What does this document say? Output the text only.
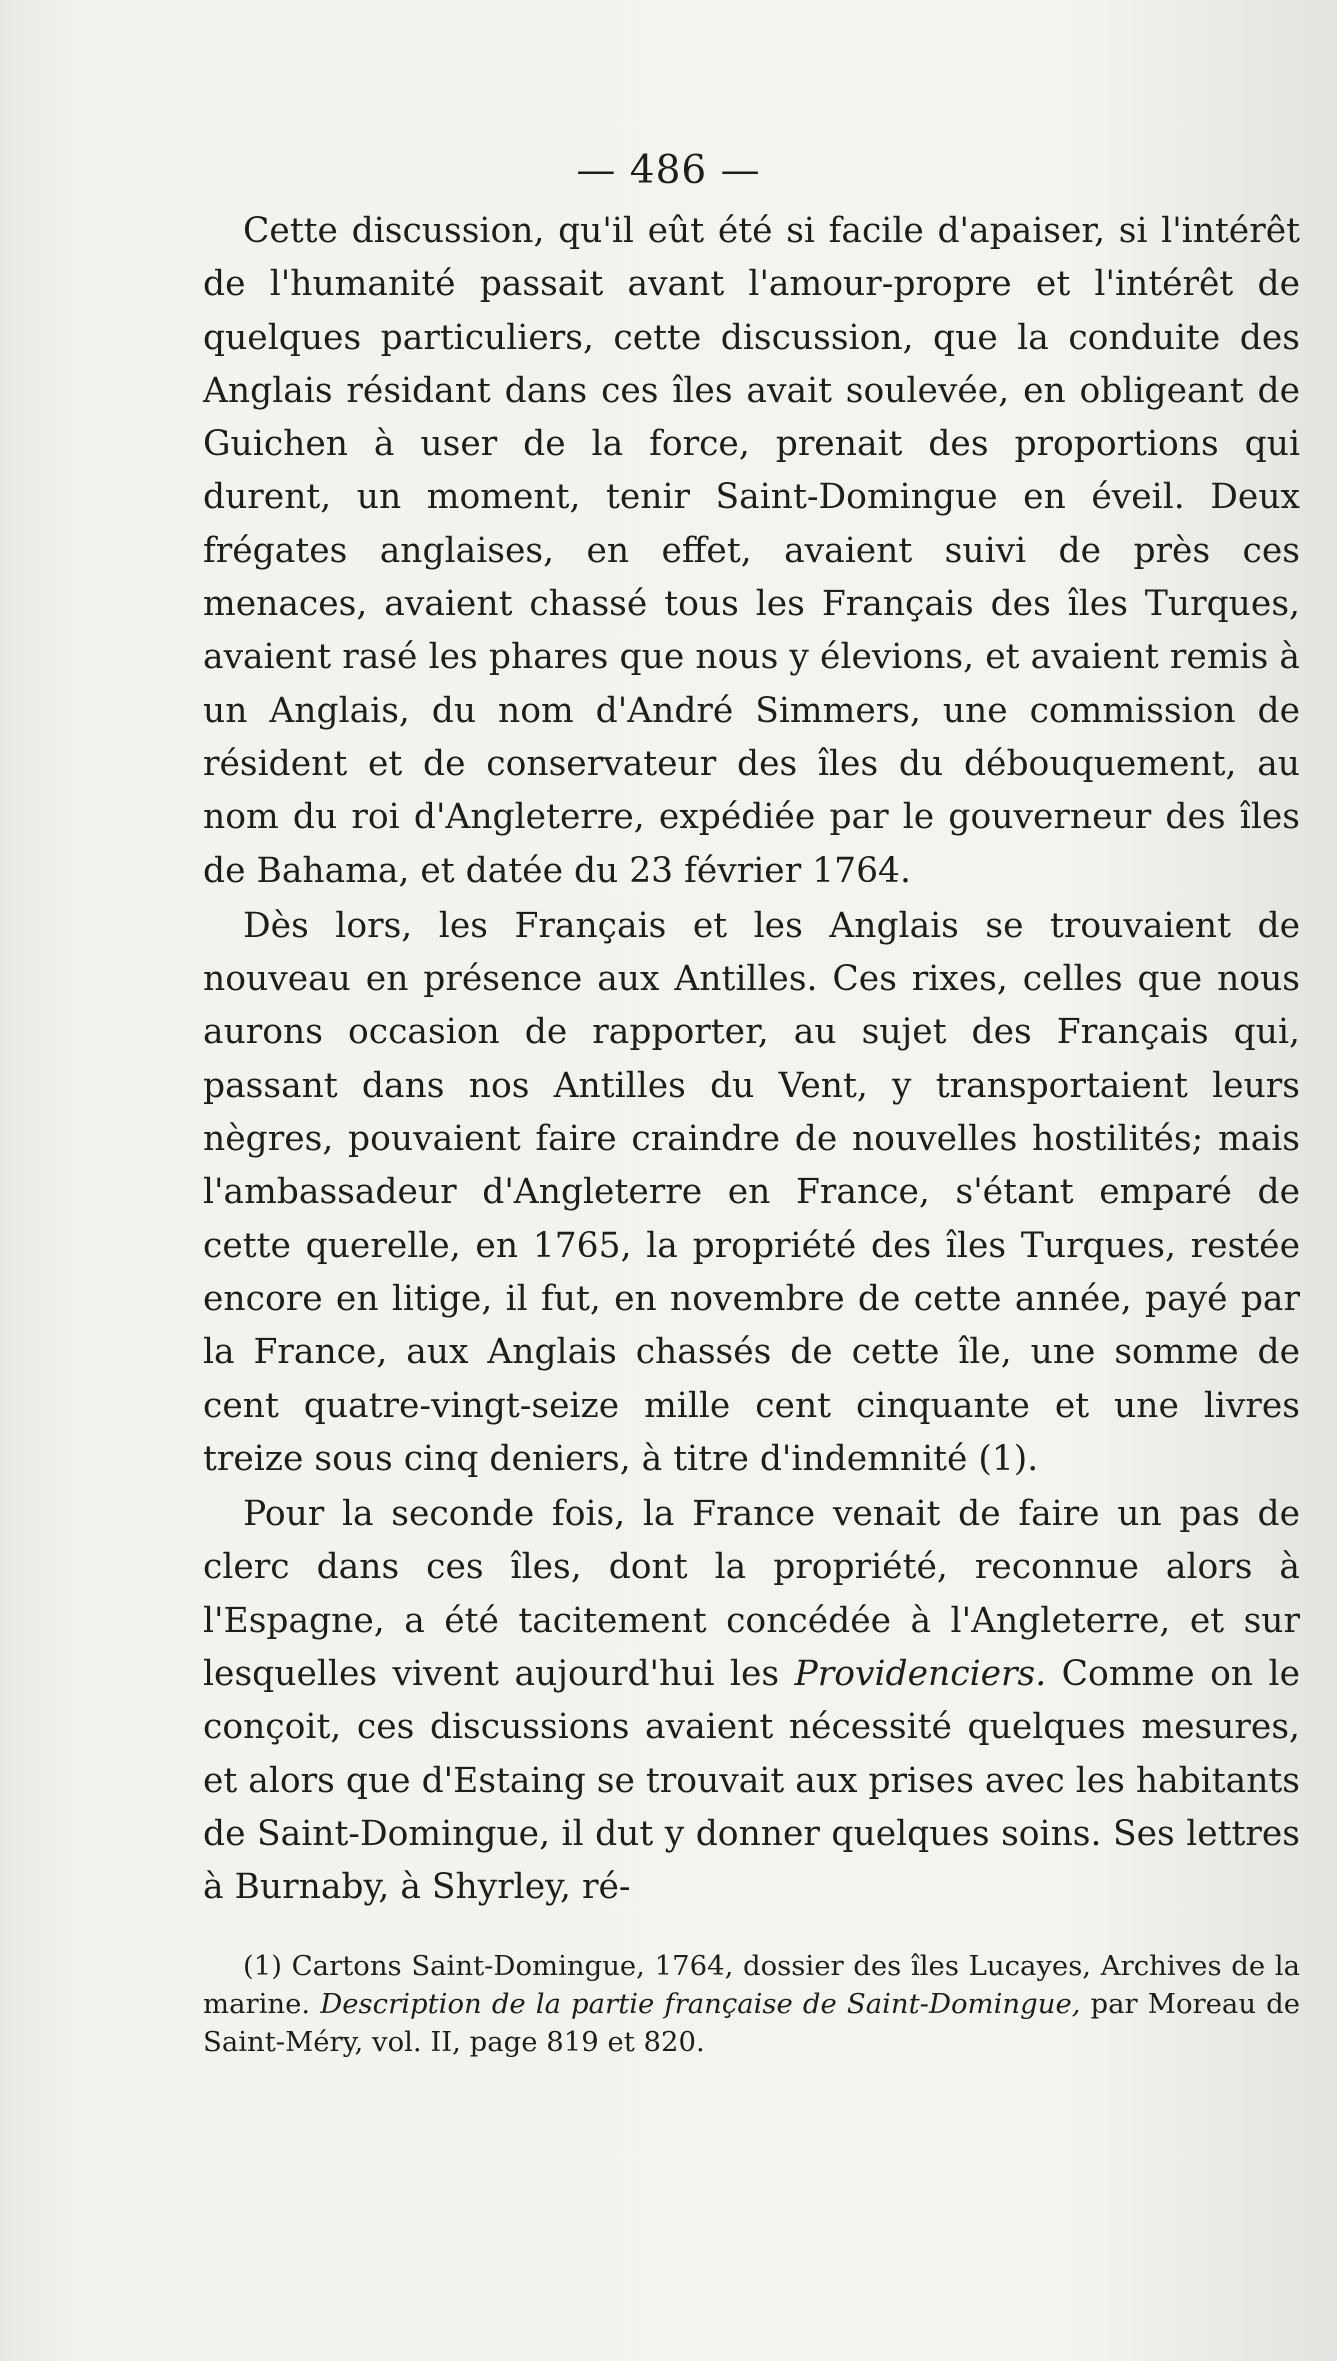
— 486 —

Cette discussion, qu'il eût été si facile d'apaiser, si l'intérêt de l'humanité passait avant l'amour-propre et l'intérêt de quelques particuliers, cette discussion, que la conduite des Anglais résidant dans ces îles avait soulevée, en obligeant de Guichen à user de la force, prenait des proportions qui durent, un moment, tenir Saint-Domingue en éveil. Deux frégates anglaises, en effet, avaient suivi de près ces menaces, avaient chassé tous les Français des îles Turques, avaient rasé les phares que nous y élevions, et avaient remis à un Anglais, du nom d'André Simmers, une commission de résident et de conservateur des îles du débouquement, au nom du roi d'Angleterre, expédiée par le gouverneur des îles de Bahama, et datée du 23 février 1764.

Dès lors, les Français et les Anglais se trouvaient de nouveau en présence aux Antilles. Ces rixes, celles que nous aurons occasion de rapporter, au sujet des Français qui, passant dans nos Antilles du Vent, y transportaient leurs nègres, pouvaient faire craindre de nouvelles hostilités; mais l'ambassadeur d'Angleterre en France, s'étant emparé de cette querelle, en 1765, la propriété des îles Turques, restée encore en litige, il fut, en novembre de cette année, payé par la France, aux Anglais chassés de cette île, une somme de cent quatre-vingt-seize mille cent cinquante et une livres treize sous cinq deniers, à titre d'indemnité (1).

Pour la seconde fois, la France venait de faire un pas de clerc dans ces îles, dont la propriété, reconnue alors à l'Espagne, a été tacitement concédée à l'Angleterre, et sur lesquelles vivent aujourd'hui les Providenciers. Comme on le conçoit, ces discussions avaient nécessité quelques mesures, et alors que d'Estaing se trouvait aux prises avec les habitants de Saint-Domingue, il dut y donner quelques soins. Ses lettres à Burnaby, à Shyrley, ré-

(1) Cartons Saint-Domingue, 1764, dossier des îles Lucayes, Archives de la marine. Description de la partie française de Saint-Domingue, par Moreau de Saint-Méry, vol. II, page 819 et 820.
